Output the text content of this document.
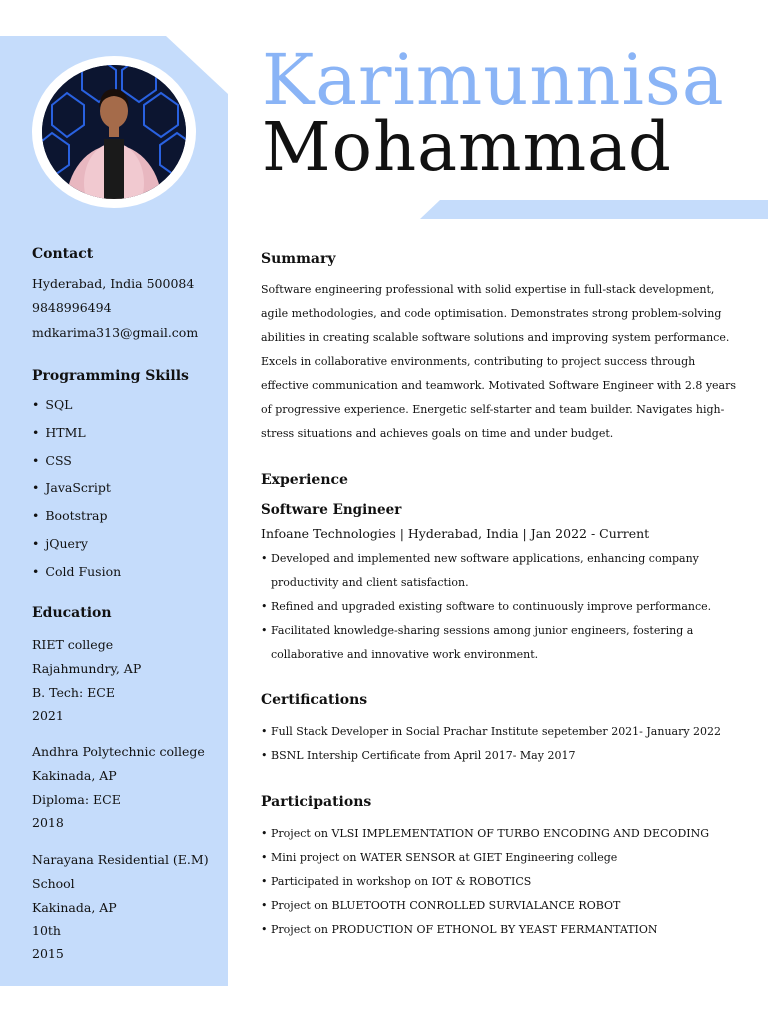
Karimunnisa
Mohammad
Contact
Hyderabad, India 500084
9848996494
mdkarima313@gmail.com
Programming Skills
• SQL
• HTML
• CSS
• JavaScript
• Bootstrap
• jQuery
• Cold Fusion
Education
RIET college
Rajahmundry, AP
B. Tech: ECE
2021
Andhra Polytechnic college
Kakinada, AP
Diploma: ECE
2018
Narayana Residential (E.M)
School
Kakinada, AP
10th
2015
Summary

Software engineering professional with solid expertise in full-stack development, agile methodologies, and code optimisation. Demonstrates strong problem-solving abilities in creating scalable software solutions and improving system performance. Excels in collaborative environments, contributing to project success through effective communication and teamwork. Motivated Software Engineer with 2.8 years of progressive experience. Energetic self-starter and team builder. Navigates high-stress situations and achieves goals on time and under budget.

Experience
Software Engineer
Infoane Technologies | Hyderabad, India | Jan 2022 - Current
• Developed and implemented new software applications, enhancing company productivity and client satisfaction.
• Refined and upgraded existing software to continuously improve performance.
• Facilitated knowledge-sharing sessions among junior engineers, fostering a collaborative and innovative work environment.
Certifications
• Full Stack Developer in Social Prachar Institute sepetember 2021- January 2022
• BSNL Intership Certificate from April 2017- May 2017
Participations
• Project on VLSI IMPLEMENTATION OF TURBO ENCODING AND DECODING
• Mini project on WATER SENSOR at GIET Engineering college
• Participated in workshop on IOT & ROBOTICS
• Project on BLUETOOTH CONROLLED SURVIALANCE ROBOT
• Project on PRODUCTION OF ETHONOL BY YEAST FERMANTATION
